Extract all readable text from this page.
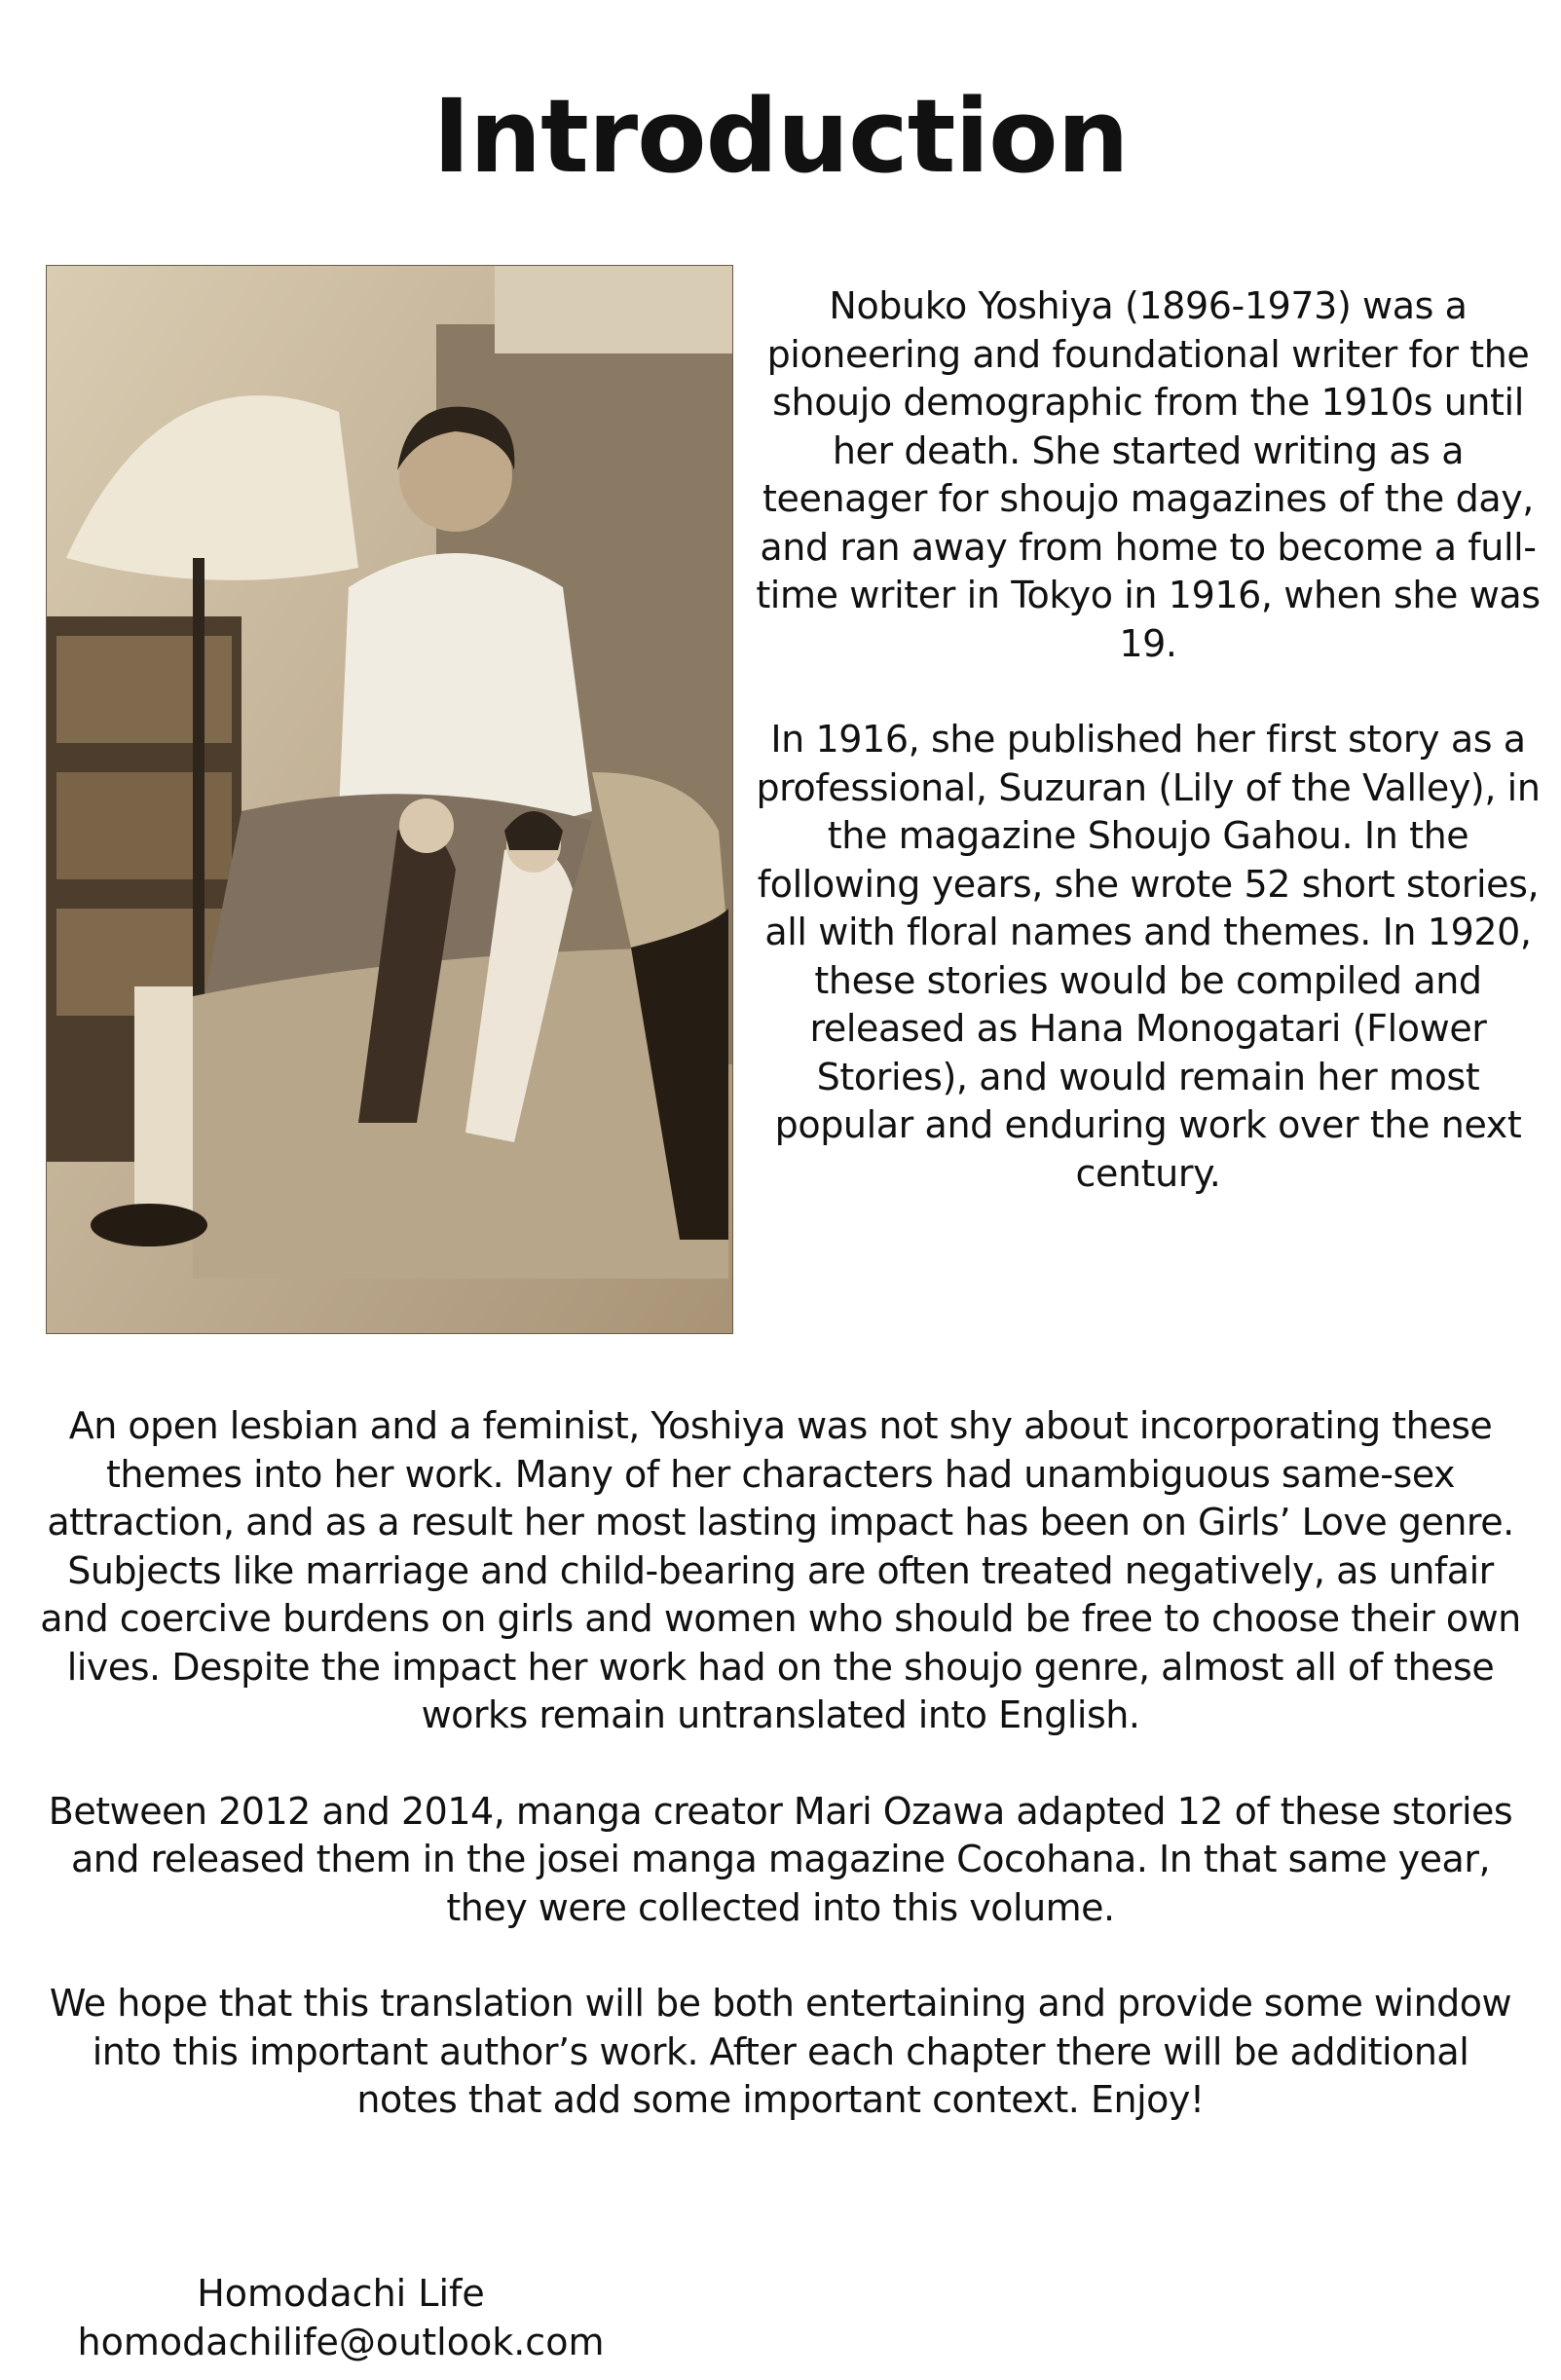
Introduction

Nobuko Yoshiya (1896-1973) was a pioneering and foundational writer for the shoujo demographic from the 1910s until her death. She started writing as a teenager for shoujo magazines of the day, and ran away from home to become a full-time writer in Tokyo in 1916, when she was 19.

In 1916, she published her first story as a professional, Suzuran (Lily of the Valley), in the magazine Shoujo Gahou. In the following years, she wrote 52 short stories, all with floral names and themes. In 1920, these stories would be compiled and released as Hana Monogatari (Flower Stories), and would remain her most popular and enduring work over the next century.

An open lesbian and a feminist, Yoshiya was not shy about incorporating these themes into her work. Many of her characters had unambiguous same-sex attraction, and as a result her most lasting impact has been on Girls’ Love genre. Subjects like marriage and child-bearing are often treated negatively, as unfair and coercive burdens on girls and women who should be free to choose their own lives. Despite the impact her work had on the shoujo genre, almost all of these works remain untranslated into English.

Between 2012 and 2014, manga creator Mari Ozawa adapted 12 of these stories and released them in the josei manga magazine Cocohana. In that same year, they were collected into this volume.

We hope that this translation will be both entertaining and provide some window into this important author’s work. After each chapter there will be additional notes that add some important context. Enjoy!

Homodachi Life
homodachilife@outlook.com
